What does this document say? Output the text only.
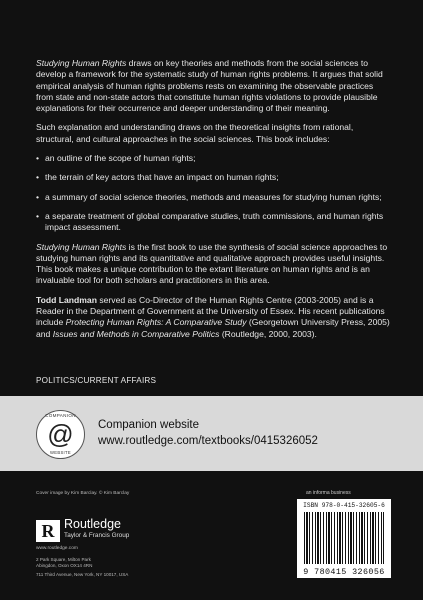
Studying Human Rights draws on key theories and methods from the social sciences to develop a framework for the systematic study of human rights problems. It argues that solid empirical analysis of human rights problems rests on examining the observable practices from state and non-state actors that constitute human rights violations to provide plausible explanations for their occurrence and deeper understanding of their meaning.

Such explanation and understanding draws on the theoretical insights from rational, structural, and cultural approaches in the social sciences. This book includes:

• an outline of the scope of human rights;
• the terrain of key actors that have an impact on human rights;
• a summary of social science theories, methods and measures for studying human rights;
• a separate treatment of global comparative studies, truth commissions, and human rights impact assessment.

Studying Human Rights is the first book to use the synthesis of social science approaches to studying human rights and its quantitative and qualitative approach provides useful insights. This book makes a unique contribution to the extant literature on human rights and is an invaluable tool for both scholars and practitioners in this area.

Todd Landman served as Co-Director of the Human Rights Centre (2003-2005) and is a Reader in the Department of Government at the University of Essex. His recent publications include Protecting Human Rights: A Comparative Study (Georgetown University Press, 2005) and Issues and Methods in Comparative Politics (Routledge, 2000, 2003).

POLITICS/CURRENT AFFAIRS
COMPANION
@
WEBSITE
Companion website
www.routledge.com/textbooks/0415326052
Cover image by Kim Barclay. © Kim Barclay
R Routledge
Taylor & Francis Group
www.routledge.com
2 Park Square, Milton Park
Abingdon, Oxon OX14 4RN
711 Third Avenue, New York, NY 10017, USA
an informa business
ISBN 978-0-415-32605-6
9 780415 326056
